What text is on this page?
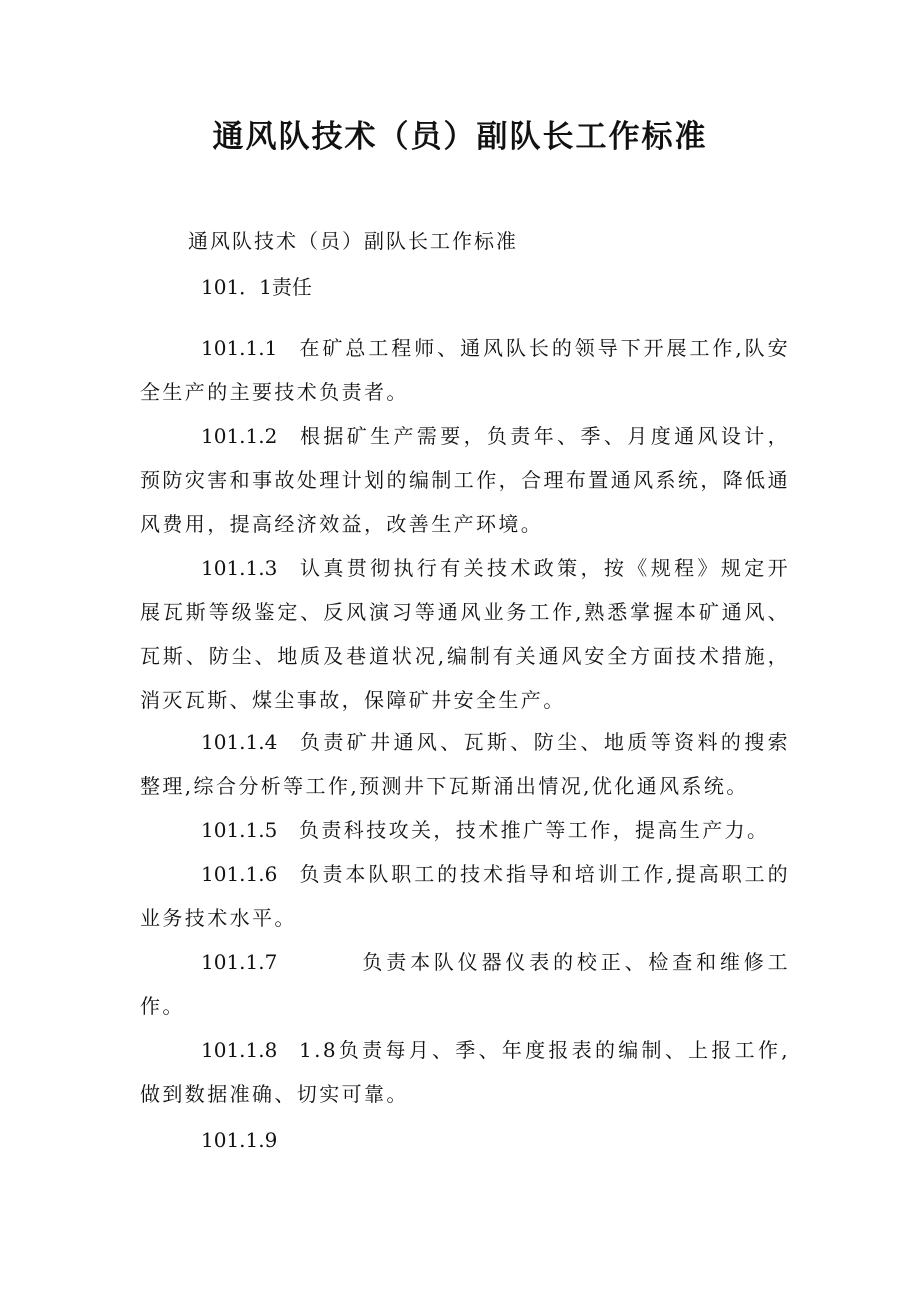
通风队技术（员）副队长工作标准
通风队技术（员）副队长工作标准
101．1责任

101.1.1 在矿总工程师、通风队长的领导下开展工作,队安全生产的主要技术负责者。

101.1.2 根据矿生产需要，负责年、季、月度通风设计，预防灾害和事故处理计划的编制工作，合理布置通风系统，降低通风费用，提高经济效益，改善生产环境。

101.1.3 认真贯彻执行有关技术政策，按《规程》规定开展瓦斯等级鉴定、反风演习等通风业务工作,熟悉掌握本矿通风、瓦斯、防尘、地质及巷道状况,编制有关通风安全方面技术措施，消灭瓦斯、煤尘事故，保障矿井安全生产。

101.1.4 负责矿井通风、瓦斯、防尘、地质等资料的搜索整理,综合分析等工作,预测井下瓦斯涌出情况,优化通风系统。

101.1.5 负责科技攻关，技术推广等工作，提高生产力。

101.1.6 负责本队职工的技术指导和培训工作,提高职工的业务技术水平。

101.1.7	负责本队仪器仪表的校正、检查和维修工作。

101.1.8 1.8负责每月、季、年度报表的编制、上报工作,做到数据准确、切实可靠。

101.1.9
